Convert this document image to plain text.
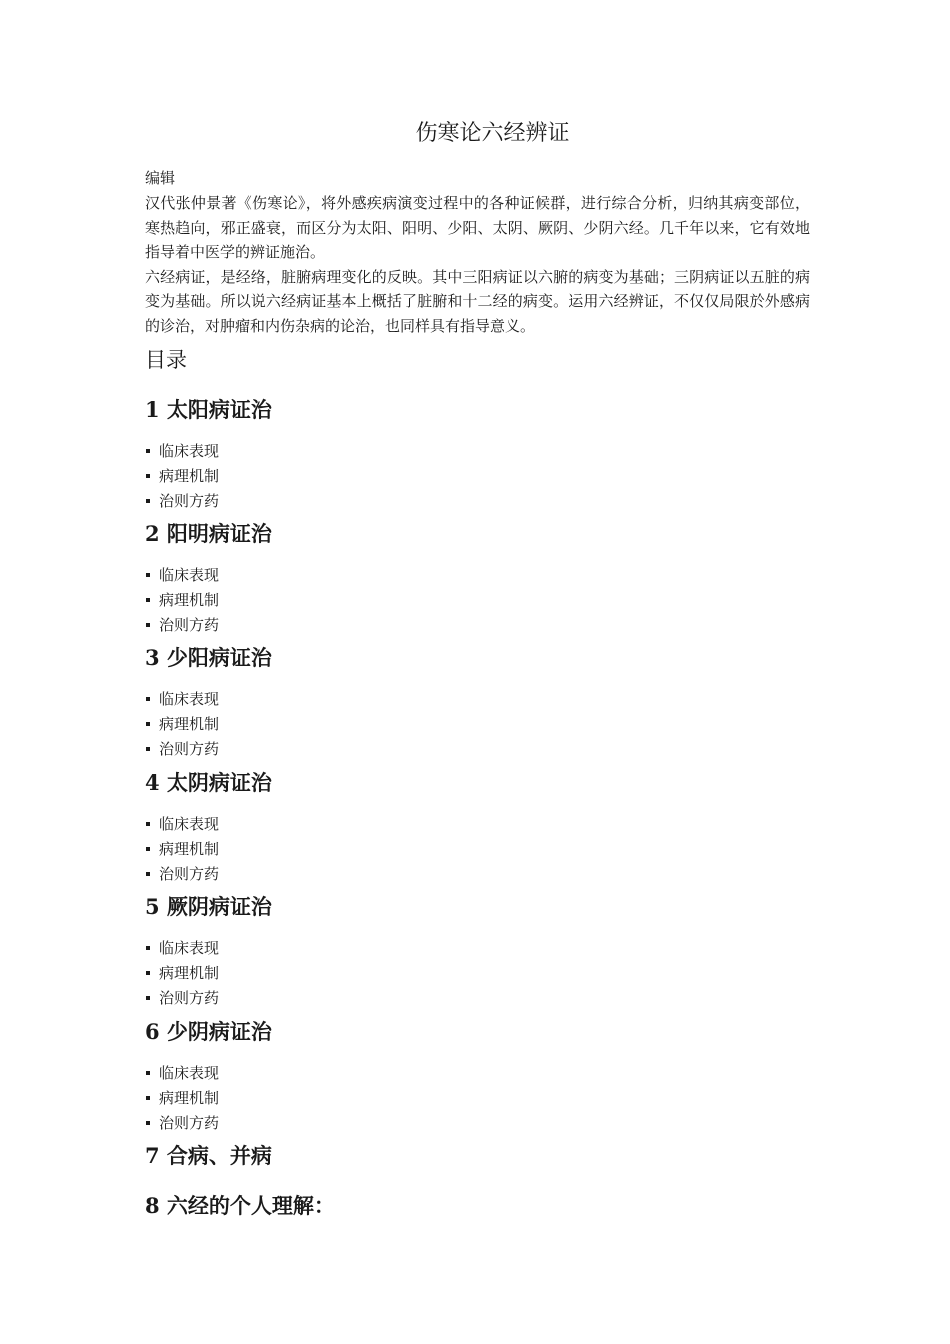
伤寒论六经辨证
编辑

汉代张仲景著《伤寒论》，将外感疾病演变过程中的各种证候群，进行综合分析，归纳其病变部位，寒热趋向，邪正盛衰，而区分为太阳、阳明、少阳、太阴、厥阴、少阴六经。几千年以来，它有效地指导着中医学的辨证施治。

六经病证，是经络，脏腑病理变化的反映。其中三阳病证以六腑的病变为基础；三阴病证以五脏的病变为基础。所以说六经病证基本上概括了脏腑和十二经的病变。运用六经辨证，不仅仅局限於外感病的诊治，对肿瘤和内伤杂病的论治，也同样具有指导意义。

目录
1 太阳病证治
临床表现
病理机制
治则方药
2 阳明病证治
临床表现
病理机制
治则方药
3 少阳病证治
临床表现
病理机制
治则方药
4 太阴病证治
临床表现
病理机制
治则方药
5 厥阴病证治
临床表现
病理机制
治则方药
6 少阴病证治
临床表现
病理机制
治则方药
7 合病、并病
8 六经的个人理解：
